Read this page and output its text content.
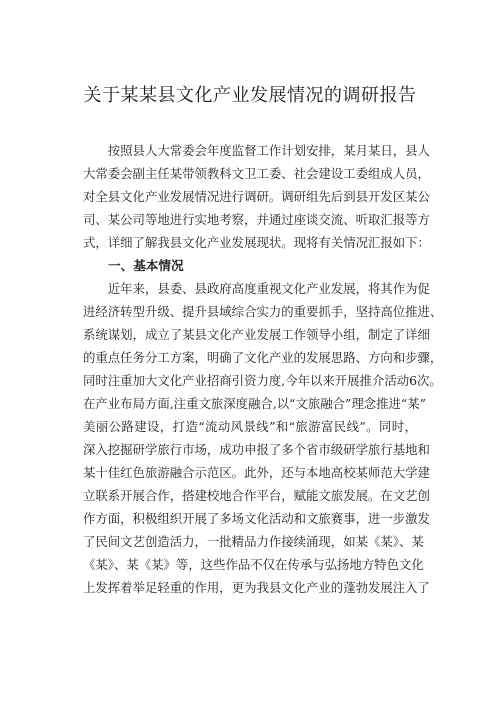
关于某某县文化产业发展情况的调研报告
　　按照县人大常委会年度监督工作计划安排，某月某日，县人
大常委会副主任某带领教科文卫工委、社会建设工委组成人员，
对全县文化产业发展情况进行调研。调研组先后到县开发区某公
司、某公司等地进行实地考察，并通过座谈交流、听取汇报等方
式，详细了解我县文化产业发展现状。现将有关情况汇报如下：
一、基本情况
　　近年来，县委、县政府高度重视文化产业发展，将其作为促
进经济转型升级、提升县域综合实力的重要抓手，坚持高位推进、
系统谋划，成立了某县文化产业发展工作领导小组，制定了详细
的重点任务分工方案，明确了文化产业的发展思路、方向和步骤，
同时注重加大文化产业招商引资力度,今年以来开展推介活动6次。
在产业布局方面,注重文旅深度融合,以“文旅融合”理念推进“某”
美丽公路建设，打造“流动风景线”和“旅游富民线”。同时，
深入挖掘研学旅行市场，成功申报了多个省市级研学旅行基地和
某十佳红色旅游融合示范区。此外，还与本地高校某师范大学建
立联系开展合作，搭建校地合作平台，赋能文旅发展。在文艺创
作方面，积极组织开展了多场文化活动和文旅赛事，进一步激发
了民间文艺创造活力，一批精品力作接续涌现，如某《某》、某
《某》、某《某》等，这些作品不仅在传承与弘扬地方特色文化
上发挥着举足轻重的作用，更为我县文化产业的蓬勃发展注入了
